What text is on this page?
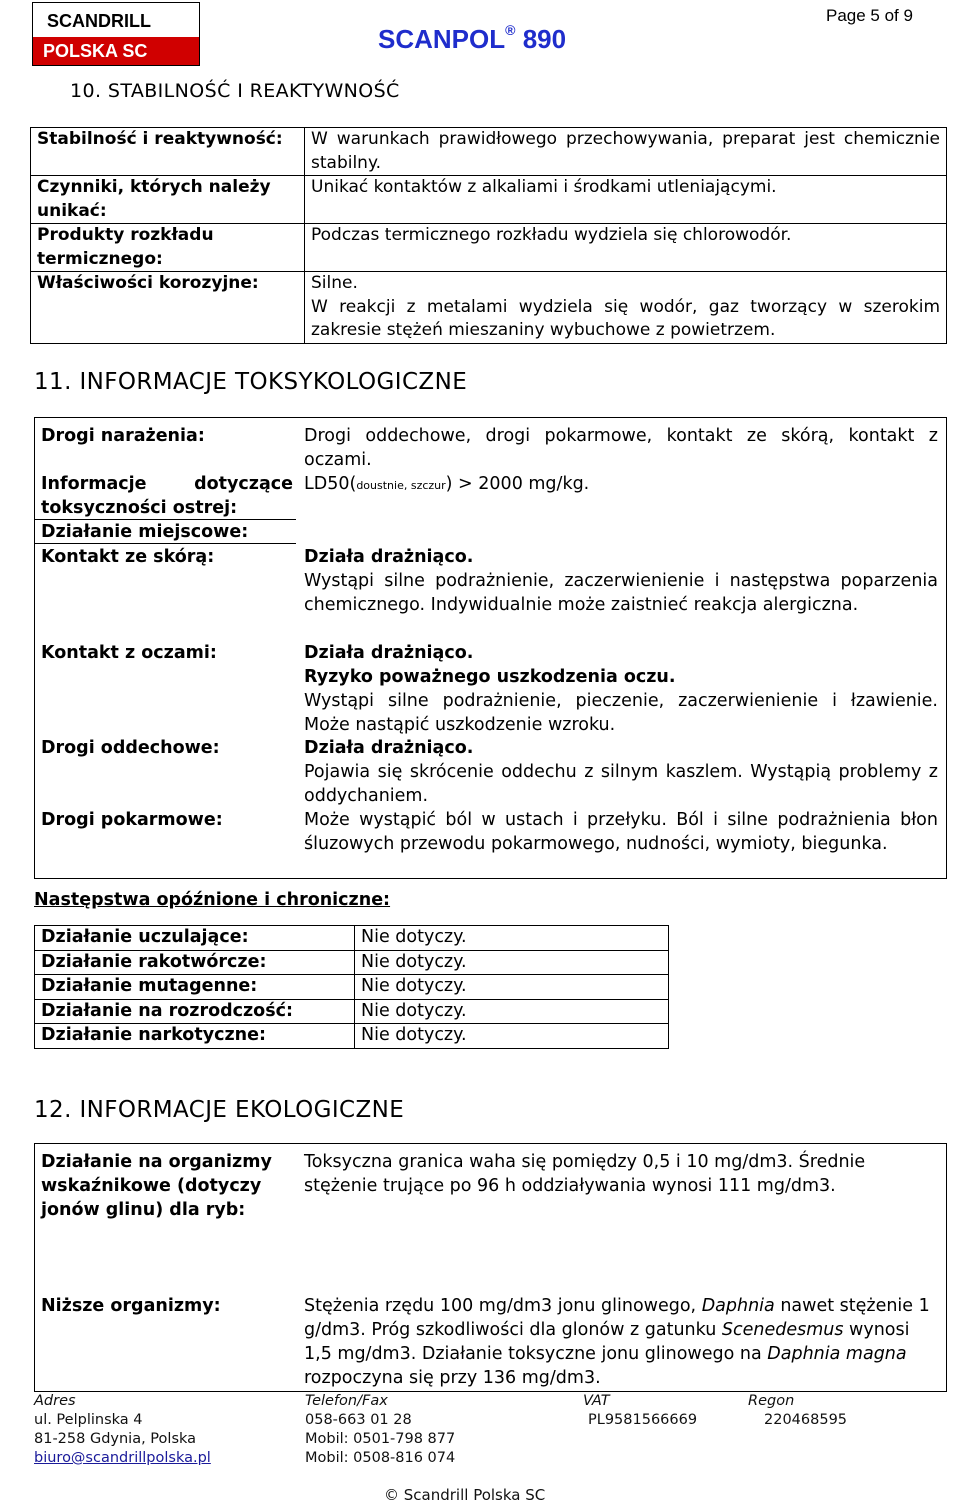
SCANDRILL
POLSKA SC	SCANPOL® 890
Page 5 of 9
10. STABILNOŚĆ I REAKTYWNOŚĆ
Stabilność i reaktywność:	W warunkach prawidłowego przechowywania, preparat jest chemicznie stabilny.
Czynniki, których należy unikać:	Unikać kontaktów z alkaliami i środkami utleniającymi.
Produkty rozkładu termicznego:	Podczas termicznego rozkładu wydziela się chlorowodór.

Właściwości korozyjne:	Silne.
W reakcji z metalami wydziela się wodór, gaz tworzący w szerokim zakresie stężeń mieszaniny wybuchowe z powietrzem.
11. INFORMACJE TOKSYKOLOGICZNE
Drogi narażenia:	Drogi oddechowe, drogi pokarmowe, kontakt ze skórą, kontakt z oczami.
Informacje dotyczące toksyczności ostrej:
LD50(doustnie, szczur) > 2000 mg/kg.
Działanie miejscowe:
Kontakt ze skórą:	Działa drażniąco.
Wystąpi silne podrażnienie, zaczerwienienie i następstwa poparzenia chemicznego. Indywidualnie może zaistnieć reakcja alergiczna.
Kontakt z oczami:	Działa drażniąco.
Ryzyko poważnego uszkodzenia oczu.
Wystąpi silne podrażnienie, pieczenie, zaczerwienienie i łzawienie. Może nastąpić uszkodzenie wzroku.
Drogi oddechowe:	Działa drażniąco.
Pojawia się skrócenie oddechu z silnym kaszlem. Wystąpią problemy z oddychaniem.
Drogi pokarmowe:	Może wystąpić ból w ustach i przełyku. Ból i silne podrażnienia błon śluzowych przewodu pokarmowego, nudności, wymioty, biegunka.
Następstwa opóźnione i chroniczne:
Działanie uczulające:	Nie dotyczy.
Działanie rakotwórcze:	Nie dotyczy.
Działanie mutagenne:	Nie dotyczy.
Działanie na rozrodczość:	Nie dotyczy.
Działanie narkotyczne:	Nie dotyczy.
12. INFORMACJE EKOLOGICZNE
Działanie na organizmy wskaźnikowe (dotyczy jonów glinu) dla ryb:
Toksyczna granica waha się pomiędzy 0,5 i 10 mg/dm3. Średnie stężenie trujące po 96 h oddziaływania wynosi 111 mg/dm3.
Niższe organizmy:	Stężenia rzędu 100 mg/dm3 jonu glinowego, Daphnia nawet stężenie 1 g/dm3. Próg szkodliwości dla glonów z gatunku Scenedesmus wynosi 1,5 mg/dm3. Działanie toksyczne jonu glinowego na Daphnia magna rozpoczyna się przy 136 mg/dm3.
Adres
ul. Pelplinska 4
81-258 Gdynia, Polska
biuro@scandrillpolska.pl
Telefon/Fax
058-663 01 28
Mobil: 0501-798 877
Mobil: 0508-816 074
VAT
PL9581566669
Regon
220468595
© Scandrill Polska SC
